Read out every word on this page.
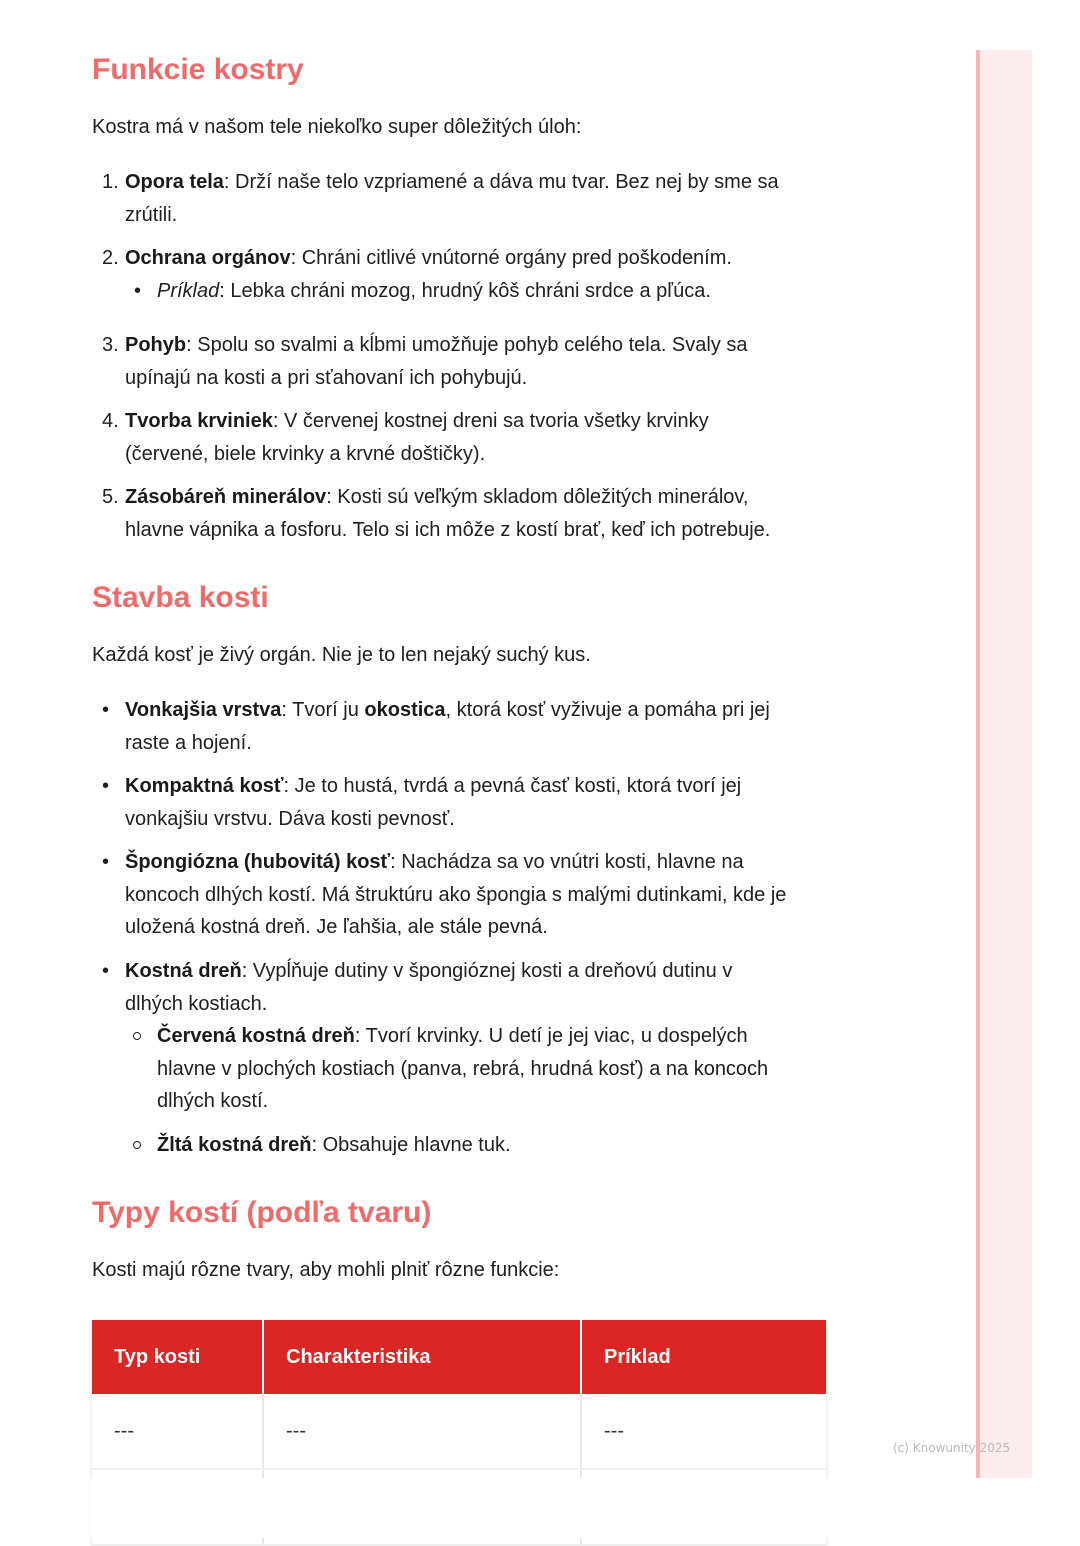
(c) Knowunity 2025
Funkcie kostry

Kostra má v našom tele niekoľko super dôležitých úloh:

1. Opora tela: Drží naše telo vzpriamené a dáva mu tvar. Bez nej by sme sa
zrútili.
2. Ochrana orgánov: Chráni citlivé vnútorné orgány pred poškodením.
• Príklad: Lebka chráni mozog, hrudný kôš chráni srdce a pľúca.
3. Pohyb: Spolu so svalmi a kĺbmi umožňuje pohyb celého tela. Svaly sa
upínajú na kosti a pri sťahovaní ich pohybujú.
4. Tvorba krviniek: V červenej kostnej dreni sa tvoria všetky krvinky
(červené, biele krvinky a krvné doštičky).
5. Zásobáreň minerálov: Kosti sú veľkým skladom dôležitých minerálov,
hlavne vápnika a fosforu. Telo si ich môže z kostí brať, keď ich potrebuje.
Stavba kosti

Každá kosť je živý orgán. Nie je to len nejaký suchý kus.

• Vonkajšia vrstva: Tvorí ju okostica, ktorá kosť vyživuje a pomáha pri jej
raste a hojení.
• Kompaktná kosť: Je to hustá, tvrdá a pevná časť kosti, ktorá tvorí jej
vonkajšiu vrstvu. Dáva kosti pevnosť.
• Špongiózna (hubovitá) kosť: Nachádza sa vo vnútri kosti, hlavne na
koncoch dlhých kostí. Má štruktúru ako špongia s malými dutinkami, kde je
uložená kostná dreň. Je ľahšia, ale stále pevná.
• Kostná dreň: Vypĺňuje dutiny v špongióznej kosti a dreňovú dutinu v
dlhých kostiach.
Červená kostná dreň: Tvorí krvinky. U detí je jej viac, u dospelých
hlavne v plochých kostiach (panva, rebrá, hrudná kosť) a na koncoch
dlhých kostí.
Žltá kostná dreň: Obsahuje hlavne tuk.
Typy kostí (podľa tvaru)

Kosti majú rôzne tvary, aby mohli plniť rôzne funkcie:

Typ kosti	Charakteristika	Príklad
---	---	---
